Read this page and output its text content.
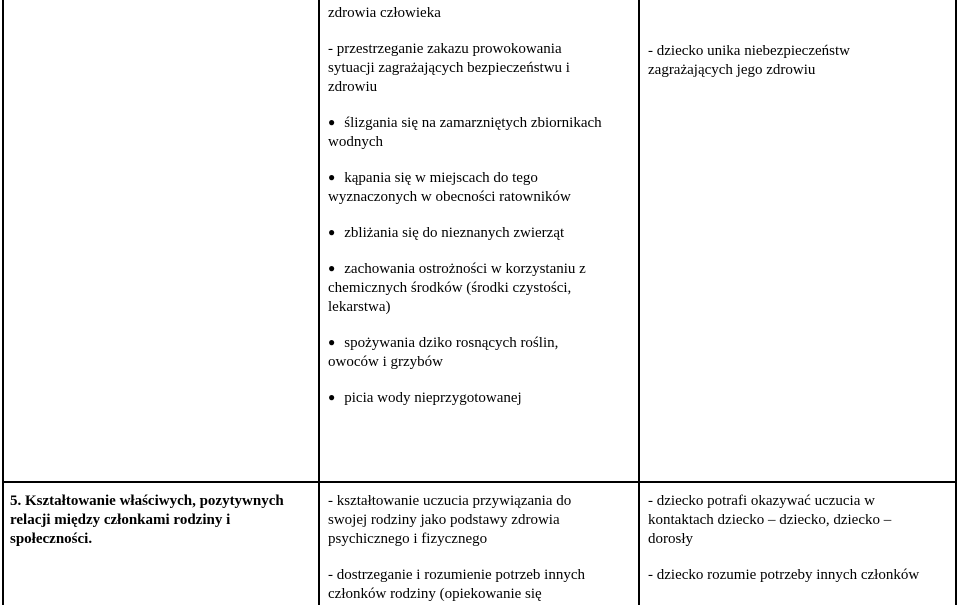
zdrowia człowieka

- przestrzeganie zakazu prowokowania sytuacji zagrażających bezpieczeństwu i zdrowiu

● ślizgania się na zamarzniętych zbiornikach wodnych

● kąpania się w miejscach do tego wyznaczonych w obecności ratowników

● zbliżania się do nieznanych zwierząt

● zachowania ostrożności w korzystaniu z chemicznych środków (środki czystości, lekarstwa)

● spożywania dziko rosnących roślin, owoców i grzybów

● picia wody nieprzygotowanej

- dziecko unika niebezpieczeństw zagrażających jego zdrowiu

5. Kształtowanie właściwych, pozytywnych relacji między członkami rodziny i społeczności.

- kształtowanie uczucia przywiązania do swojej rodziny jako podstawy zdrowia psychicznego i fizycznego

- dostrzeganie i rozumienie potrzeb innych członków rodziny (opiekowanie się

- dziecko potrafi okazywać uczucia w kontaktach dziecko – dziecko, dziecko – dorosły

- dziecko rozumie potrzeby innych członków
